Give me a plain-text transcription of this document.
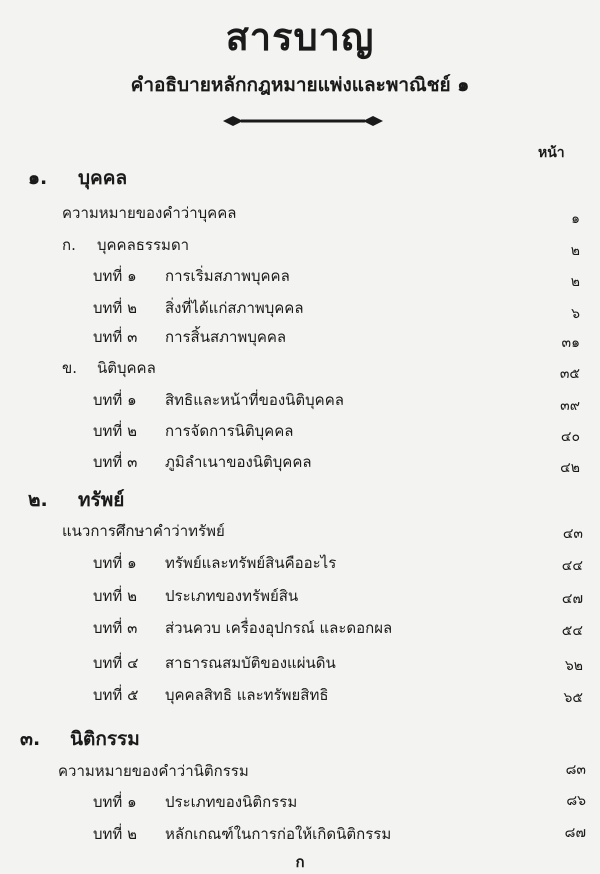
สารบาญ
คำอธิบายหลักกฎหมายแพ่งและพาณิชย์ ๑
หน้า
๑. บุคคล
ความหมายของคำว่าบุคคล	๑
ก. บุคคลธรรมดา	๒
บทที่ ๑ การเริ่มสภาพบุคคล	๒
บทที่ ๒ สิ่งที่ได้แก่สภาพบุคคล	๖
บทที่ ๓ การสิ้นสภาพบุคคล	๓๑
ข. นิติบุคคล	๓๕
บทที่ ๑ สิทธิและหน้าที่ของนิติบุคคล	๓๙
บทที่ ๒ การจัดการนิติบุคคล	๔๐
บทที่ ๓ ภูมิลำเนาของนิติบุคคล	๔๒
๒. ทรัพย์
แนวการศึกษาคำว่าทรัพย์	๔๓
บทที่ ๑ ทรัพย์และทรัพย์สินคืออะไร	๔๔
บทที่ ๒ ประเภทของทรัพย์สิน	๔๗
บทที่ ๓ ส่วนควบ เครื่องอุปกรณ์ และดอกผล	๕๔
บทที่ ๔ สาธารณสมบัติของแผ่นดิน	๖๒
บทที่ ๕ บุคคลสิทธิ และทรัพยสิทธิ	๖๕
๓. นิติกรรม
ความหมายของคำว่านิติกรรม	๘๓
บทที่ ๑ ประเภทของนิติกรรม	๘๖
บทที่ ๒ หลักเกณฑ์ในการก่อให้เกิดนิติกรรม	๘๗
ก
